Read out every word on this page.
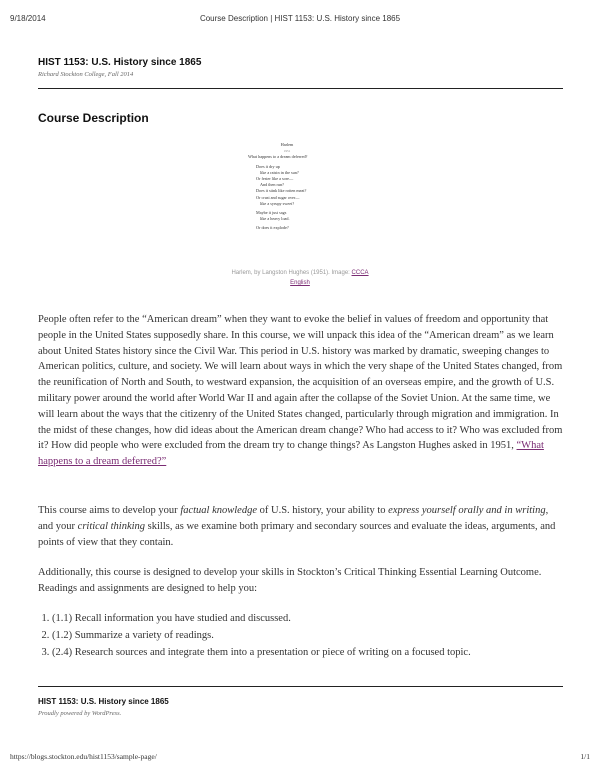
9/18/2014	Course Description | HIST 1153: U.S. History since 1865
HIST 1153: U.S. History since 1865
Richard Stockton College, Fall 2014
Course Description
Harlem
1951
What happens to a dream deferred?
Does it dry up
like a raisin in the sun?
Or fester like a sore—
And then run?
Does it stink like rotten meat?
Or crust and sugar over—
like a syrupy sweet?
Maybe it just sags
like a heavy load.
Or does it explode?
Harlem, by Langston Hughes (1951). Image: CCCA
English
People often refer to the “American dream” when they want to evoke the belief in values of freedom and opportunity that people in the United States supposedly share. In this course, we will unpack this idea of the “American dream” as we learn about United States history since the Civil War. This period in U.S. history was marked by dramatic, sweeping changes to American politics, culture, and society. We will learn about ways in which the very shape of the United States changed, from the reunification of North and South, to westward expansion, the acquisition of an overseas empire, and the growth of U.S. military power around the world after World War II and again after the collapse of the Soviet Union. At the same time, we will learn about the ways that the citizenry of the United States changed, particularly through migration and immigration. In the midst of these changes, how did ideas about the American dream change? Who had access to it? Who was excluded from it? How did people who were excluded from the dream try to change things? As Langston Hughes asked in 1951, “What happens to a dream deferred?”
This course aims to develop your factual knowledge of U.S. history, your ability to express yourself orally and in writing, and your critical thinking skills, as we examine both primary and secondary sources and evaluate the ideas, arguments, and points of view that they contain.
Additionally, this course is designed to develop your skills in Stockton’s Critical Thinking Essential Learning Outcome. Readings and assignments are designed to help you:
1. (1.1) Recall information you have studied and discussed.
2. (1.2) Summarize a variety of readings.
3. (2.4) Research sources and integrate them into a presentation or piece of writing on a focused topic.
HIST 1153: U.S. History since 1865
Proudly powered by WordPress.
https://blogs.stockton.edu/hist1153/sample-page/	1/1
